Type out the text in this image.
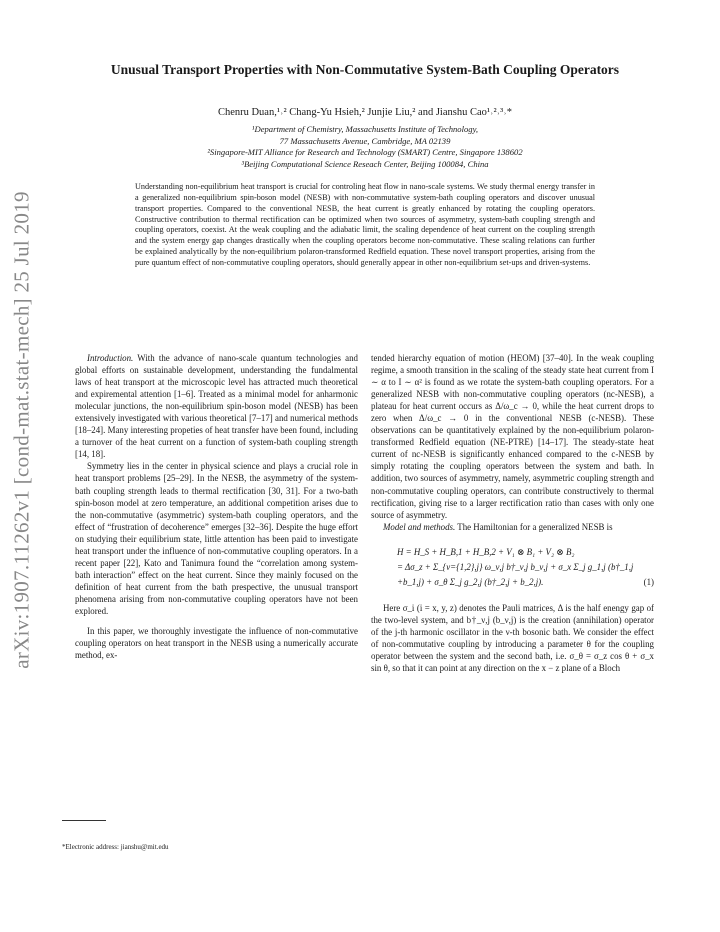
arXiv:1907.11262v1 [cond-mat.stat-mech] 25 Jul 2019
Unusual Transport Properties with Non-Commutative System-Bath Coupling Operators
Chenru Duan,¹˒² Chang-Yu Hsieh,² Junjie Liu,² and Jianshu Cao¹˒²˒³˒*
¹Department of Chemistry, Massachusetts Institute of Technology,
77 Massachusetts Avenue, Cambridge, MA 02139
²Singapore-MIT Alliance for Research and Technology (SMART) Centre, Singapore 138602
³Beijing Computational Science Reseach Center, Beijing 100084, China
Understanding non-equilibrium heat transport is crucial for controling heat flow in nano-scale systems. We study thermal energy transfer in a generalized non-equilibrium spin-boson model (NESB) with non-commutative system-bath coupling operators and discover unusual transport properties. Compared to the conventional NESB, the heat current is greatly enhanced by rotating the coupling operators. Constructive contribution to thermal rectification can be optimized when two sources of asymmetry, system-bath coupling strength and coupling operators, coexist. At the weak coupling and the adiabatic limit, the scaling dependence of heat current on the coupling strength and the system energy gap changes drastically when the coupling operators become non-commutative. These scaling relations can further be explained analytically by the non-equilibrium polaron-transformed Redfield equation. These novel transport properties, arising from the pure quantum effect of non-commutative coupling operators, should generally appear in other non-equilibrium set-ups and driven-systems.

Introduction. With the advance of nano-scale quantum technologies and global efforts on sustainable development, understanding the fundalmental laws of heat transport at the microscopic level has attracted much theoretical and expiremental attention [1–6]. Treated as a minimal model for anharmonic molecular junctions, the non-equilibrium spin-boson model (NESB) has been extensively investigated with various theoretical [7–17] and numerical methods [18–24]. Many interesting propeties of heat transfer have been found, including a turnover of the heat current on a function of system-bath coupling strength [14, 18].

Symmetry lies in the center in physical science and plays a crucial role in heat transport problems [25–29]. In the NESB, the asymmetry of the system-bath coupling strength leads to thermal rectification [30, 31]. For a two-bath spin-boson model at zero temperature, an additional competition arises due to the non-commutative (asymmetric) system-bath coupling operators, and the effect of “frustration of decoherence” emerges [32–36]. Despite the huge effort on studying their equilibrium state, little attention has been paid to investigate heat transport under the influence of non-commutative coupling operators. In a recent paper [22], Kato and Tanimura found the “correlation among system-bath interaction” effect on the heat current. Since they mainly focused on the definition of heat current from the bath prespective, the unusual transport phenomena arising from non-commutative coupling operators have not been explored.

In this paper, we thoroughly investigate the influence of non-commutative coupling operators on heat transport in the NESB using a numerically accurate method, ex-

tended hierarchy equation of motion (HEOM) [37–40]. In the weak coupling regime, a smooth transition in the scaling of the steady state heat current from I ∼ α to I ∼ α² is found as we rotate the system-bath coupling operators. For a generalized NESB with non-commutative coupling operators (nc-NESB), a plateau for heat current occurs as Δ/ω_c → 0, while the heat current drops to zero when Δ/ω_c → 0 in the conventional NESB (c-NESB). These observations can be quantitatively explained by the non-equilibrium polaron-transformed Redfield equation (NE-PTRE) [14–17]. The steady-state heat current of nc-NESB is significantly enhanced compared to the c-NESB by simply rotating the coupling operators between the system and bath. In addition, two sources of asymmetry, namely, asymmetric coupling strength and non-commutative coupling operators, can contribute constructively to thermal rectification, giving rise to a larger rectification ratio than cases with only one source of asymmetry.

Model and methods. The Hamiltonian for a generalized NESB is

H = H_S + H_B,1 + H_B,2 + V₁ ⊗ B₁ + V₂ ⊗ B₂
= Δσ_z + Σ_{ν={1,2},j} ω_ν,j b†_ν,j b_ν,j + σ_x Σ_j g_1,j (b†_1,j
+b_1,j) + σ_θ Σ_j g_2,j (b†_2,j + b_2,j).	(1)

Here σ_i (i = x, y, z) denotes the Pauli matrices, Δ is the half enengy gap of the two-level system, and b†_ν,j (b_ν,j) is the creation (annihilation) operator of the j-th harmonic oscillator in the ν-th bosonic bath. We consider the effect of non-commutative coupling by introducing a parameter θ for the coupling operator between the system and the second bath, i.e. σ_θ = σ_z cos θ + σ_x sin θ, so that it can point at any direction on the x − z plane of a Bloch

*Electronic address: jianshu@mit.edu
